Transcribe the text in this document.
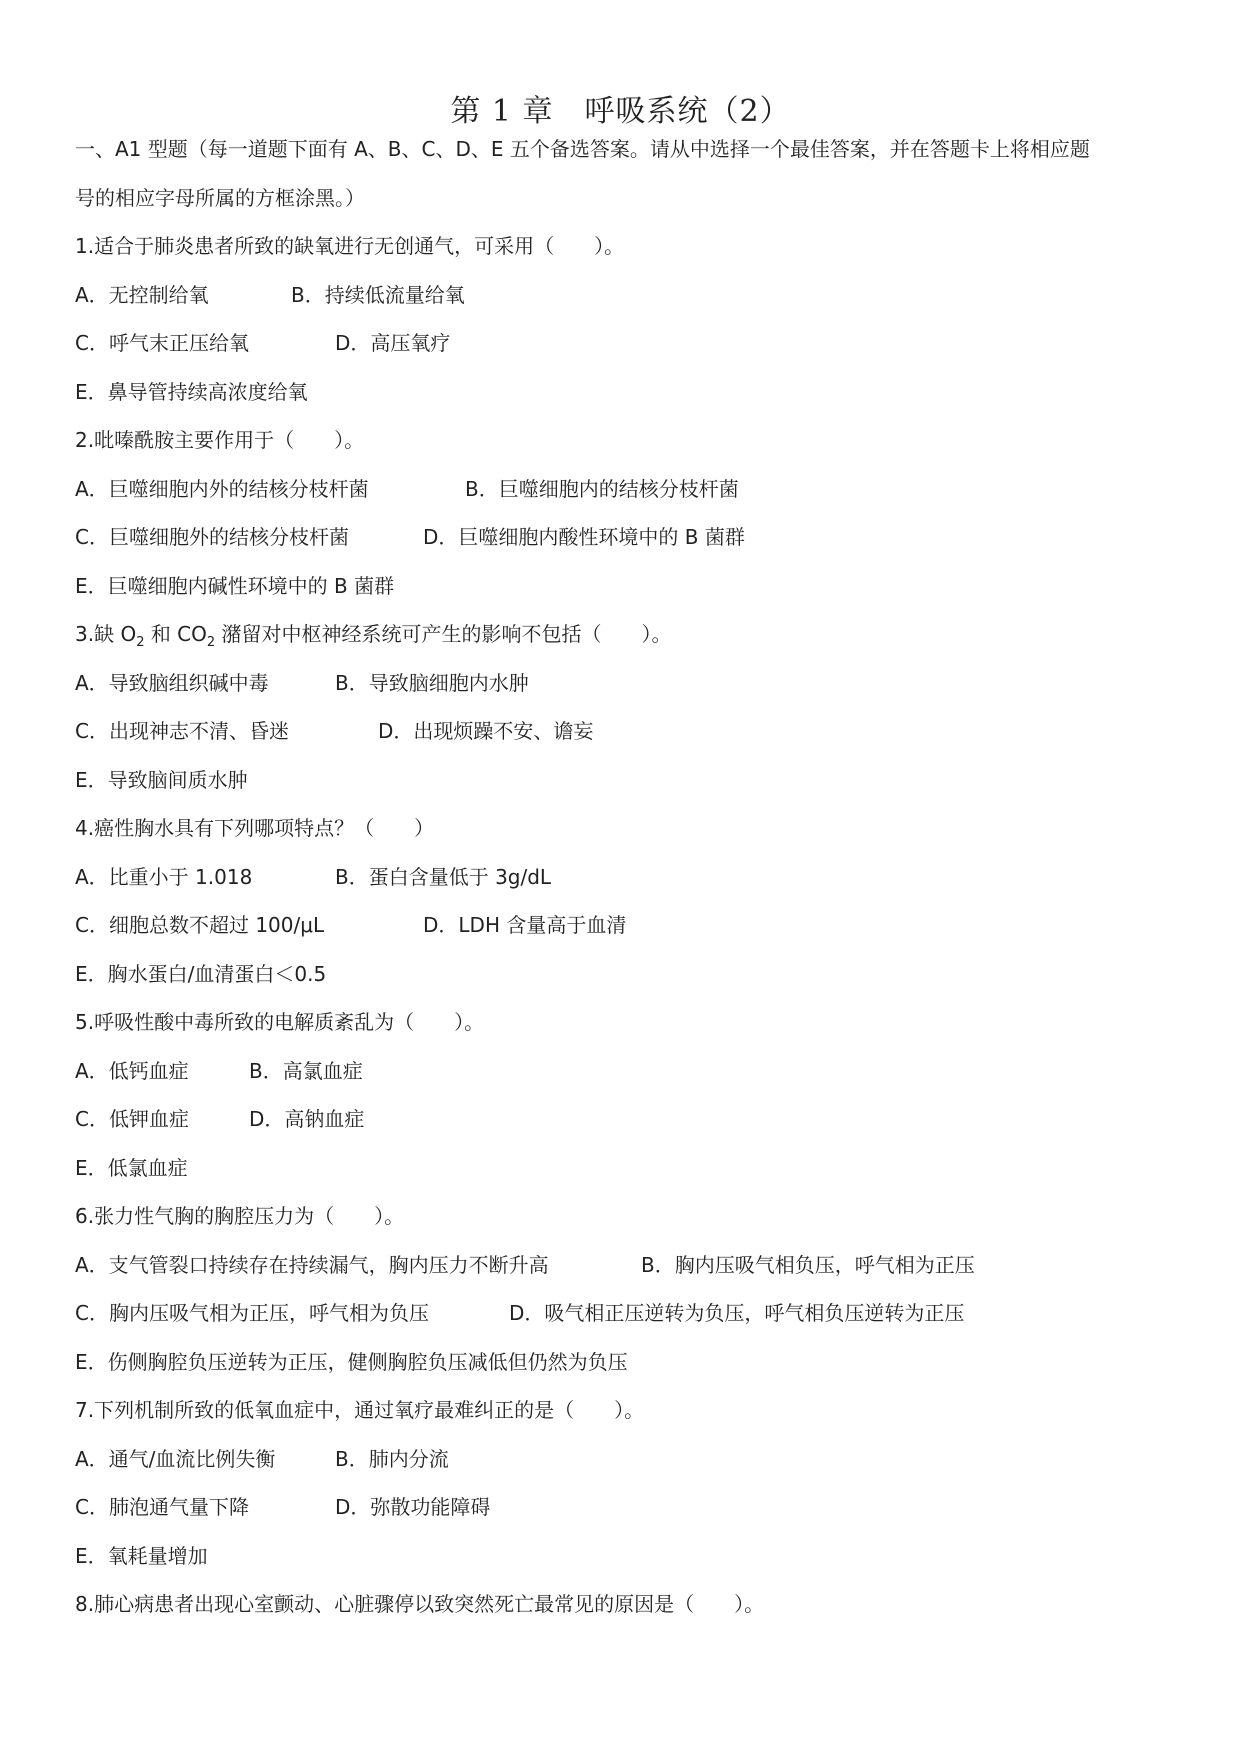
第 1 章　呼吸系统（2）
一、A1 型题（每一道题下面有 A、B、C、D、E 五个备选答案。请从中选择一个最佳答案，并在答题卡上将相应题
号的相应字母所属的方框涂黑。）
1.适合于肺炎患者所致的缺氧进行无创通气，可采用（　　）。
A．无控制给氧	B．持续低流量给氧
C．呼气末正压给氧	D．高压氧疗
E．鼻导管持续高浓度给氧
2.吡嗪酰胺主要作用于（　　）。
A．巨噬细胞内外的结核分枝杆菌	B．巨噬细胞内的结核分枝杆菌
C．巨噬细胞外的结核分枝杆菌	D．巨噬细胞内酸性环境中的 B 菌群
E．巨噬细胞内碱性环境中的 B 菌群
3.缺 $O_2$ 和 $CO_2$ 潴留对中枢神经系统可产生的影响不包括（　　）。
A．导致脑组织碱中毒	B．导致脑细胞内水肿
C．出现神志不清、昏迷	D．出现烦躁不安、谵妄
E．导致脑间质水肿
4.癌性胸水具有下列哪项特点？（　　）
A．比重小于 1.018	B．蛋白含量低于 3g/dL
C．细胞总数不超过 100/μL	D．LDH 含量高于血清
E．胸水蛋白/血清蛋白＜0.5
5.呼吸性酸中毒所致的电解质紊乱为（　　）。
A．低钙血症	B．高氯血症
C．低钾血症	D．高钠血症
E．低氯血症
6.张力性气胸的胸腔压力为（　　）。
A．支气管裂口持续存在持续漏气，胸内压力不断升高	B．胸内压吸气相负压，呼气相为正压
C．胸内压吸气相为正压，呼气相为负压	D．吸气相正压逆转为负压，呼气相负压逆转为正压
E．伤侧胸腔负压逆转为正压，健侧胸腔负压减低但仍然为负压
7.下列机制所致的低氧血症中，通过氧疗最难纠正的是（　　）。
A．通气/血流比例失衡	B．肺内分流
C．肺泡通气量下降	D．弥散功能障碍
E．氧耗量增加
8.肺心病患者出现心室颤动、心脏骤停以致突然死亡最常见的原因是（　　）。
